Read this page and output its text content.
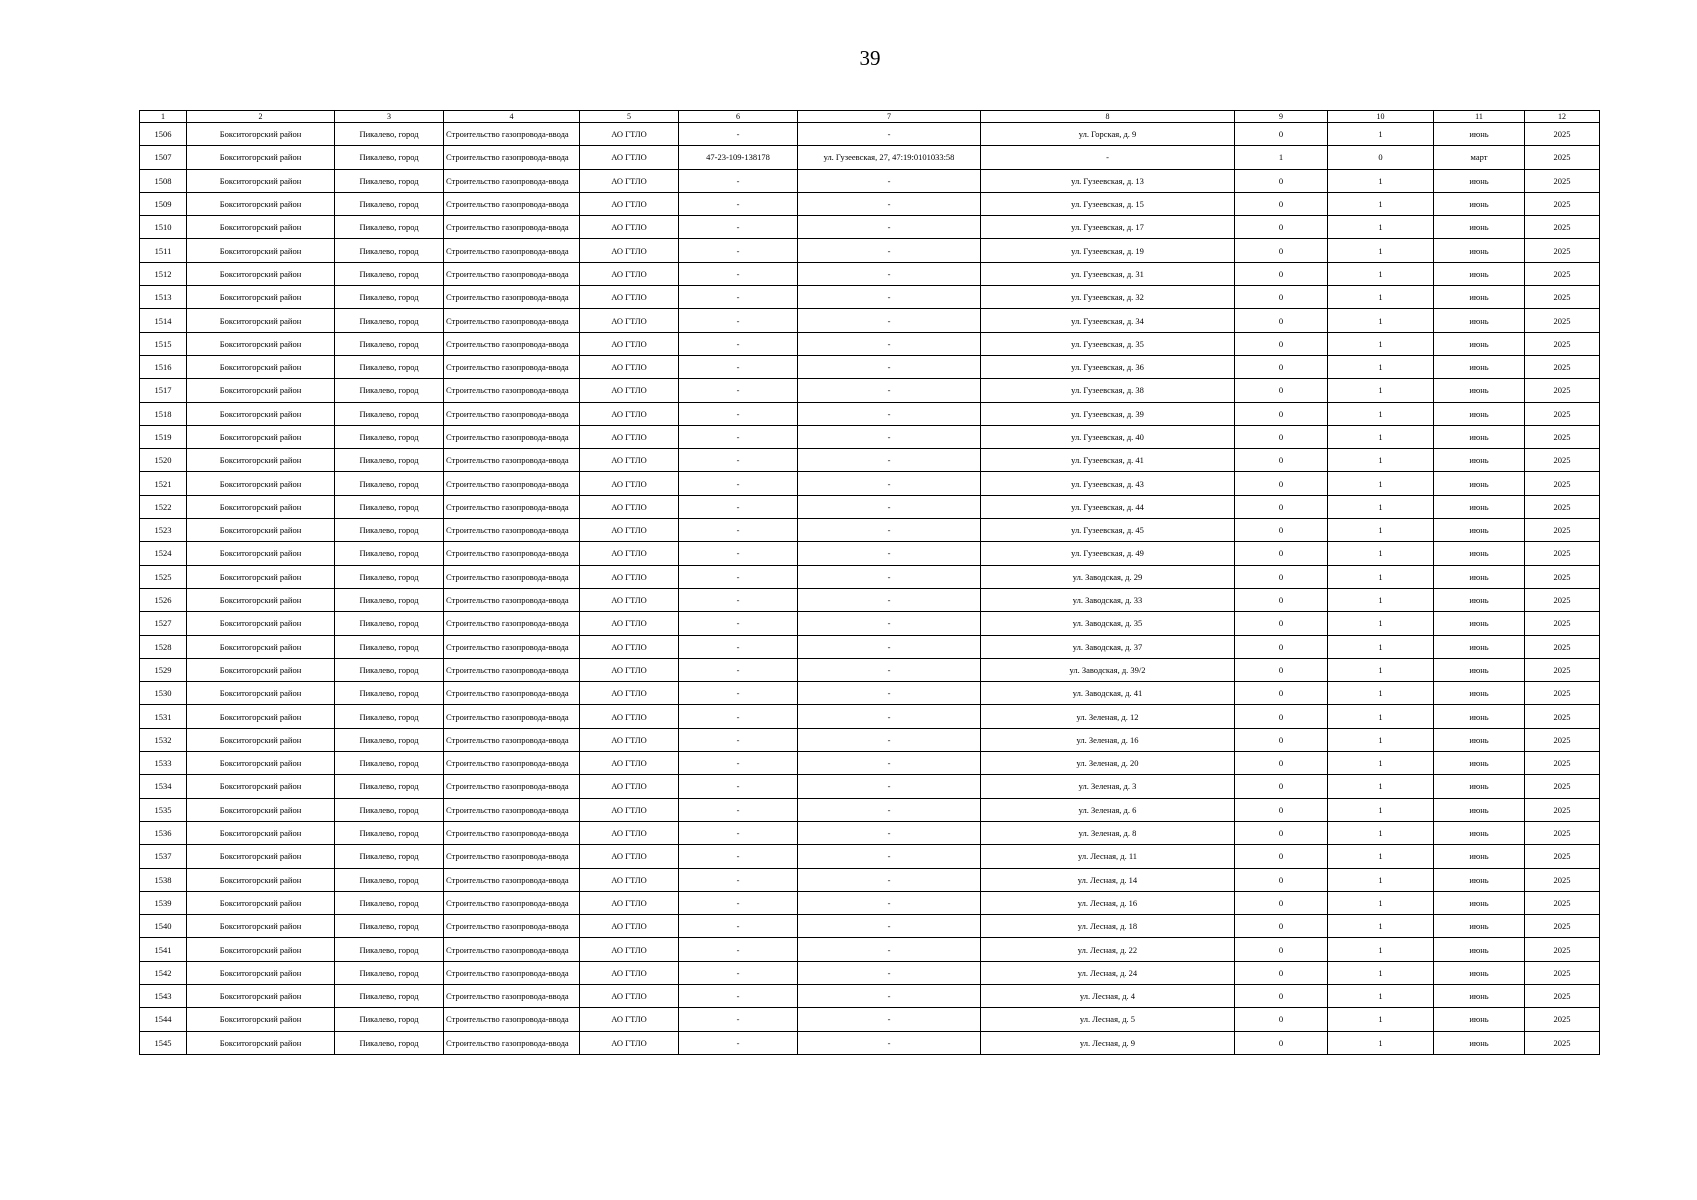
39
1	2	3	4	5	6	7	8	9	10	11	12
1506	Бокситогорский район	Пикалево, город	Строительство газопровода-ввода	АО ГТЛО	-	-	ул. Горская, д. 9	0	1	июнь	2025
1507	Бокситогорский район	Пикалево, город	Строительство газопровода-ввода	АО ГТЛО	47-23-109-138178	ул. Гузеевская, 27, 47:19:0101033:58	-	1	0	март	2025
1508	Бокситогорский район	Пикалево, город	Строительство газопровода-ввода	АО ГТЛО	-	-	ул. Гузеевская, д. 13	0	1	июнь	2025
1509	Бокситогорский район	Пикалево, город	Строительство газопровода-ввода	АО ГТЛО	-	-	ул. Гузеевская, д. 15	0	1	июнь	2025
1510	Бокситогорский район	Пикалево, город	Строительство газопровода-ввода	АО ГТЛО	-	-	ул. Гузеевская, д. 17	0	1	июнь	2025
1511	Бокситогорский район	Пикалево, город	Строительство газопровода-ввода	АО ГТЛО	-	-	ул. Гузеевская, д. 19	0	1	июнь	2025
1512	Бокситогорский район	Пикалево, город	Строительство газопровода-ввода	АО ГТЛО	-	-	ул. Гузеевская, д. 31	0	1	июнь	2025
1513	Бокситогорский район	Пикалево, город	Строительство газопровода-ввода	АО ГТЛО	-	-	ул. Гузеевская, д. 32	0	1	июнь	2025
1514	Бокситогорский район	Пикалево, город	Строительство газопровода-ввода	АО ГТЛО	-	-	ул. Гузеевская, д. 34	0	1	июнь	2025
1515	Бокситогорский район	Пикалево, город	Строительство газопровода-ввода	АО ГТЛО	-	-	ул. Гузеевская, д. 35	0	1	июнь	2025
1516	Бокситогорский район	Пикалево, город	Строительство газопровода-ввода	АО ГТЛО	-	-	ул. Гузеевская, д. 36	0	1	июнь	2025
1517	Бокситогорский район	Пикалево, город	Строительство газопровода-ввода	АО ГТЛО	-	-	ул. Гузеевская, д. 38	0	1	июнь	2025
1518	Бокситогорский район	Пикалево, город	Строительство газопровода-ввода	АО ГТЛО	-	-	ул. Гузеевская, д. 39	0	1	июнь	2025
1519	Бокситогорский район	Пикалево, город	Строительство газопровода-ввода	АО ГТЛО	-	-	ул. Гузеевская, д. 40	0	1	июнь	2025
1520	Бокситогорский район	Пикалево, город	Строительство газопровода-ввода	АО ГТЛО	-	-	ул. Гузеевская, д. 41	0	1	июнь	2025
1521	Бокситогорский район	Пикалево, город	Строительство газопровода-ввода	АО ГТЛО	-	-	ул. Гузеевская, д. 43	0	1	июнь	2025
1522	Бокситогорский район	Пикалево, город	Строительство газопровода-ввода	АО ГТЛО	-	-	ул. Гузеевская, д. 44	0	1	июнь	2025
1523	Бокситогорский район	Пикалево, город	Строительство газопровода-ввода	АО ГТЛО	-	-	ул. Гузеевская, д. 45	0	1	июнь	2025
1524	Бокситогорский район	Пикалево, город	Строительство газопровода-ввода	АО ГТЛО	-	-	ул. Гузеевская, д. 49	0	1	июнь	2025
1525	Бокситогорский район	Пикалево, город	Строительство газопровода-ввода	АО ГТЛО	-	-	ул. Заводская, д. 29	0	1	июнь	2025
1526	Бокситогорский район	Пикалево, город	Строительство газопровода-ввода	АО ГТЛО	-	-	ул. Заводская, д. 33	0	1	июнь	2025
1527	Бокситогорский район	Пикалево, город	Строительство газопровода-ввода	АО ГТЛО	-	-	ул. Заводская, д. 35	0	1	июнь	2025
1528	Бокситогорский район	Пикалево, город	Строительство газопровода-ввода	АО ГТЛО	-	-	ул. Заводская, д. 37	0	1	июнь	2025
1529	Бокситогорский район	Пикалево, город	Строительство газопровода-ввода	АО ГТЛО	-	-	ул. Заводская, д. 39/2	0	1	июнь	2025
1530	Бокситогорский район	Пикалево, город	Строительство газопровода-ввода	АО ГТЛО	-	-	ул. Заводская, д. 41	0	1	июнь	2025
1531	Бокситогорский район	Пикалево, город	Строительство газопровода-ввода	АО ГТЛО	-	-	ул. Зеленая, д. 12	0	1	июнь	2025
1532	Бокситогорский район	Пикалево, город	Строительство газопровода-ввода	АО ГТЛО	-	-	ул. Зеленая, д. 16	0	1	июнь	2025
1533	Бокситогорский район	Пикалево, город	Строительство газопровода-ввода	АО ГТЛО	-	-	ул. Зеленая, д. 20	0	1	июнь	2025
1534	Бокситогорский район	Пикалево, город	Строительство газопровода-ввода	АО ГТЛО	-	-	ул. Зеленая, д. 3	0	1	июнь	2025
1535	Бокситогорский район	Пикалево, город	Строительство газопровода-ввода	АО ГТЛО	-	-	ул. Зеленая, д. 6	0	1	июнь	2025
1536	Бокситогорский район	Пикалево, город	Строительство газопровода-ввода	АО ГТЛО	-	-	ул. Зеленая, д. 8	0	1	июнь	2025
1537	Бокситогорский район	Пикалево, город	Строительство газопровода-ввода	АО ГТЛО	-	-	ул. Лесная, д. 11	0	1	июнь	2025
1538	Бокситогорский район	Пикалево, город	Строительство газопровода-ввода	АО ГТЛО	-	-	ул. Лесная, д. 14	0	1	июнь	2025
1539	Бокситогорский район	Пикалево, город	Строительство газопровода-ввода	АО ГТЛО	-	-	ул. Лесная, д. 16	0	1	июнь	2025
1540	Бокситогорский район	Пикалево, город	Строительство газопровода-ввода	АО ГТЛО	-	-	ул. Лесная, д. 18	0	1	июнь	2025
1541	Бокситогорский район	Пикалево, город	Строительство газопровода-ввода	АО ГТЛО	-	-	ул. Лесная, д. 22	0	1	июнь	2025
1542	Бокситогорский район	Пикалево, город	Строительство газопровода-ввода	АО ГТЛО	-	-	ул. Лесная, д. 24	0	1	июнь	2025
1543	Бокситогорский район	Пикалево, город	Строительство газопровода-ввода	АО ГТЛО	-	-	ул. Лесная, д. 4	0	1	июнь	2025
1544	Бокситогорский район	Пикалево, город	Строительство газопровода-ввода	АО ГТЛО	-	-	ул. Лесная, д. 5	0	1	июнь	2025
1545	Бокситогорский район	Пикалево, город	Строительство газопровода-ввода	АО ГТЛО	-	-	ул. Лесная, д. 9	0	1	июнь	2025
